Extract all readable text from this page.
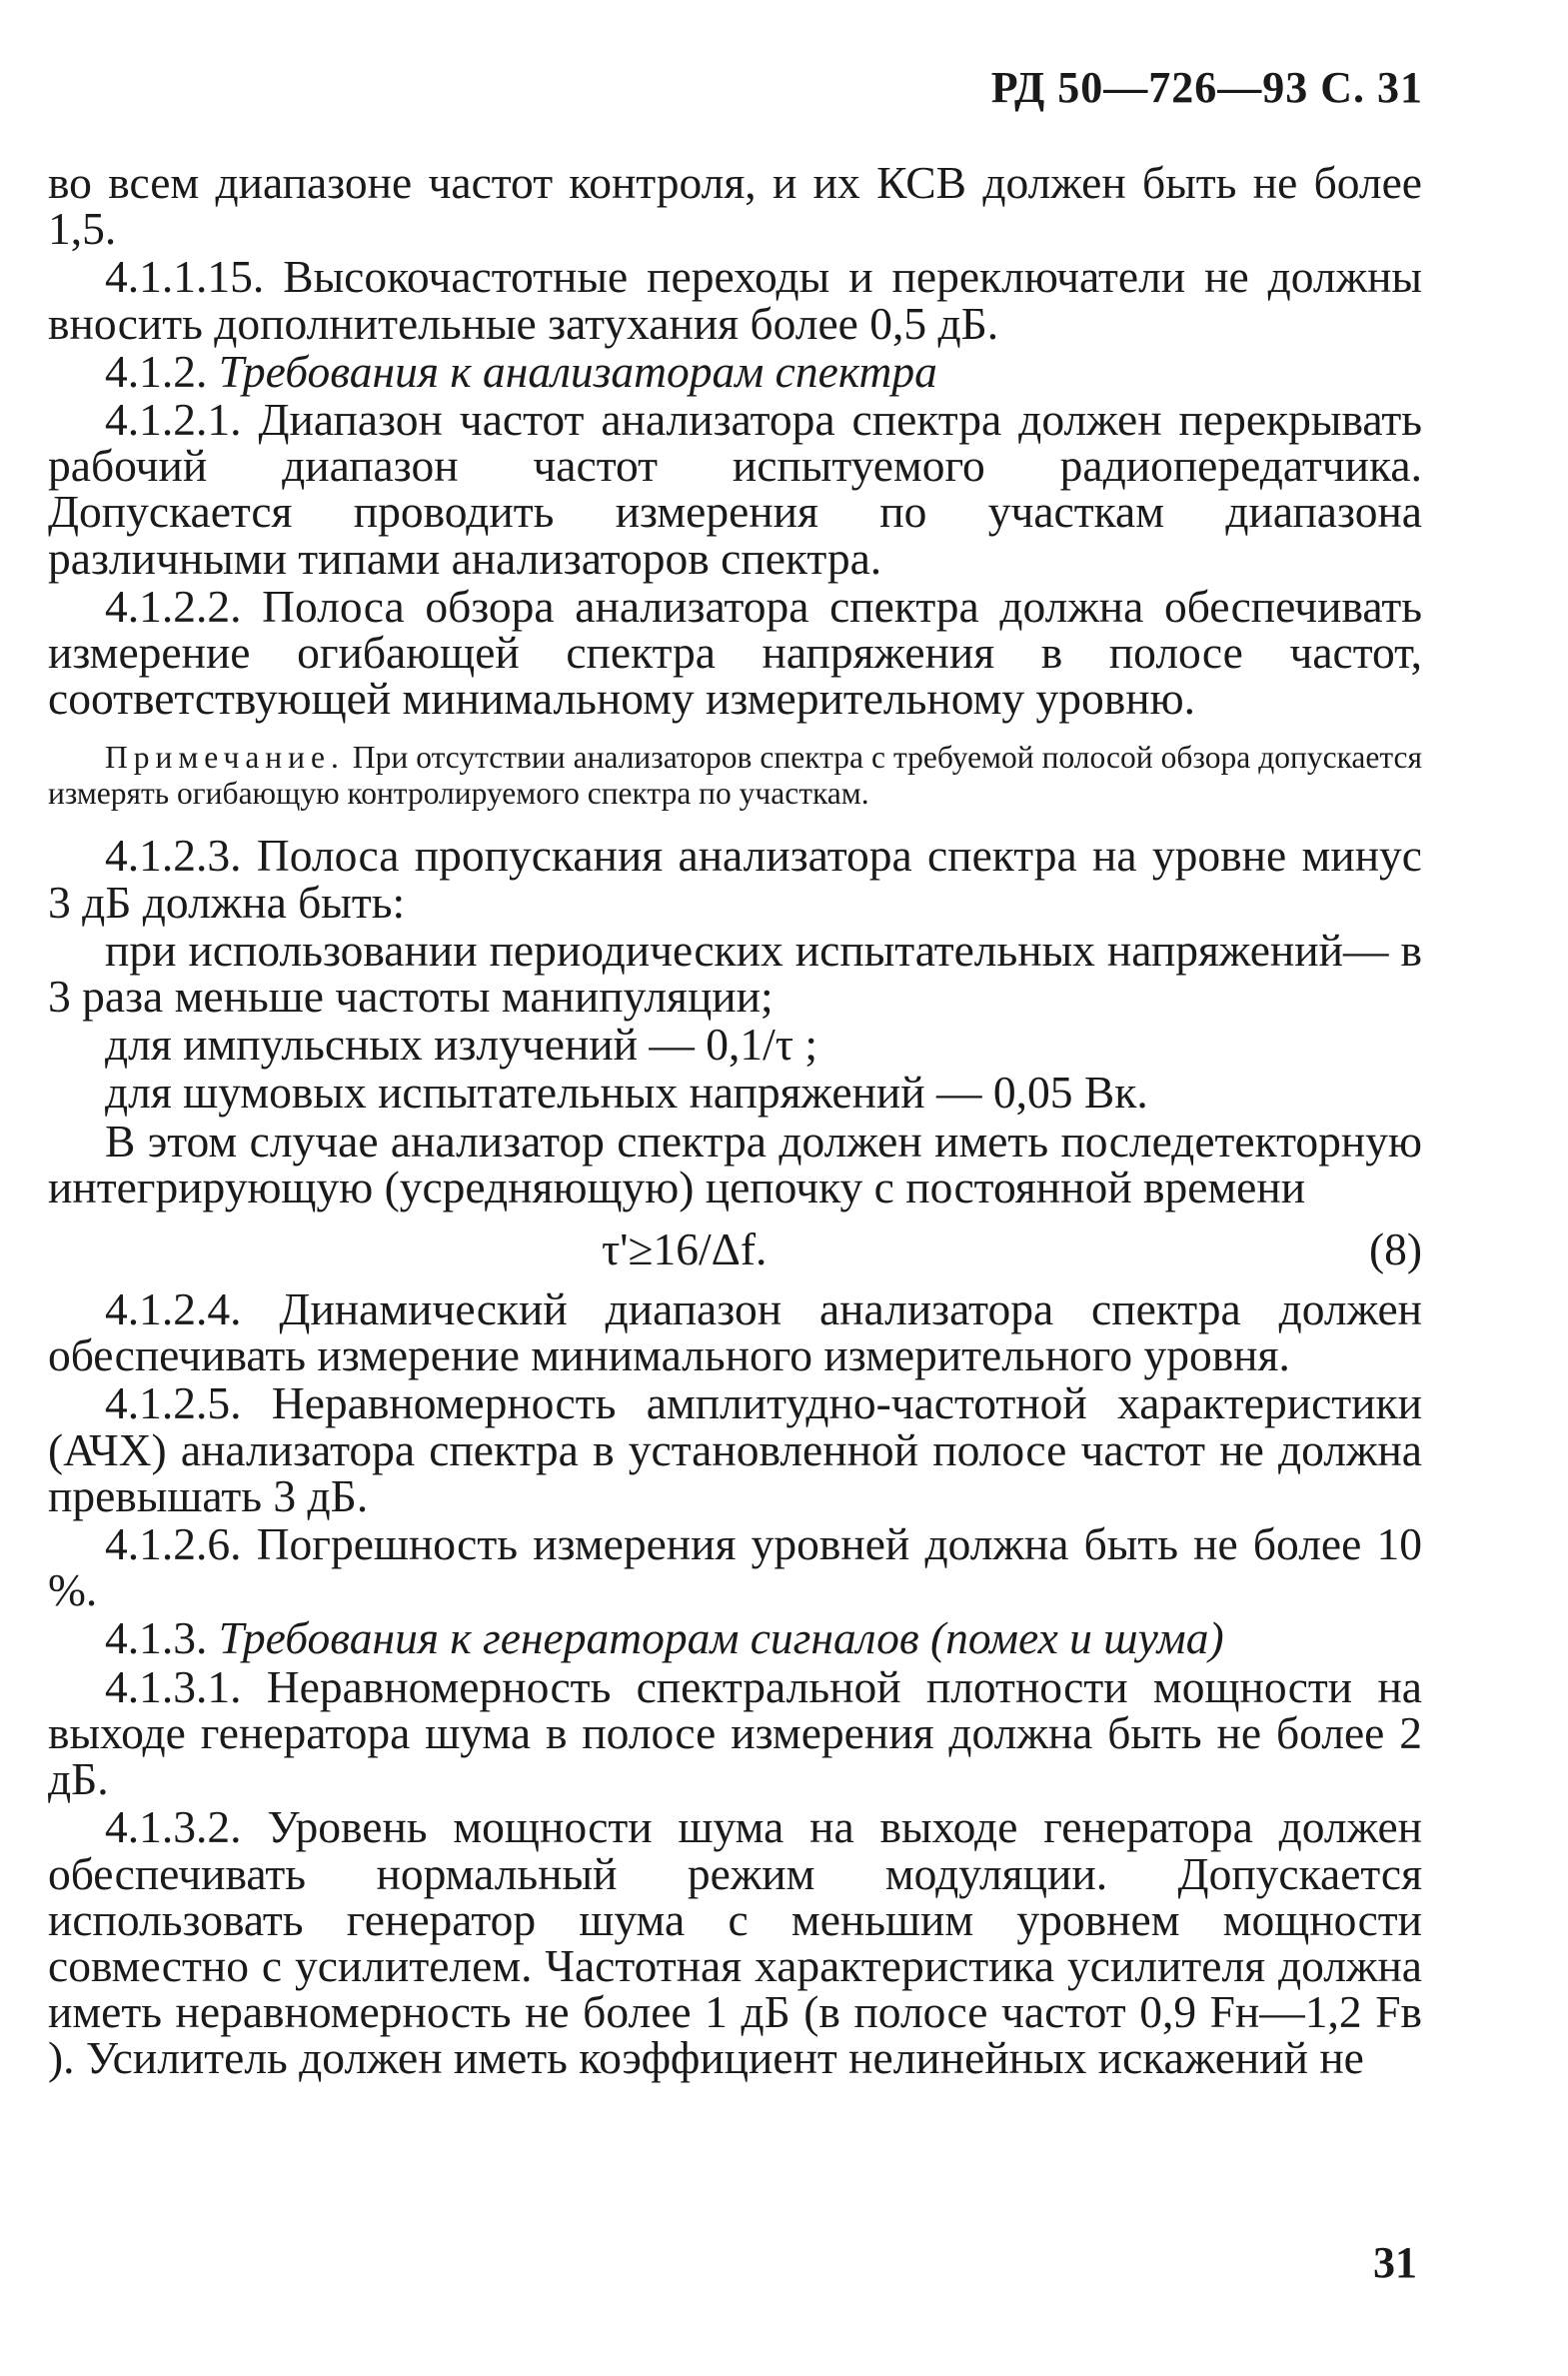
РД 50—726—93 С. 31

во всем диапазоне частот контроля, и их КСВ должен быть не более 1,5.

4.1.1.15. Высокочастотные переходы и переключатели не должны вносить дополнительные затухания более 0,5 дБ.

4.1.2. Требования к анализаторам спектра

4.1.2.1. Диапазон частот анализатора спектра должен перекрывать рабочий диапазон частот испытуемого радиопередатчика. Допускается проводить измерения по участкам диапазона различными типами анализаторов спектра.

4.1.2.2. Полоса обзора анализатора спектра должна обеспечивать измерение огибающей спектра напряжения в полосе частот, соответствующей минимальному измерительному уровню.

Примечание. При отсутствии анализаторов спектра с требуемой полосой обзора допускается измерять огибающую контролируемого спектра по участкам.

4.1.2.3. Полоса пропускания анализатора спектра на уровне минус 3 дБ должна быть:

при использовании периодических испытательных напряжений— в 3 раза меньше частоты манипуляции;

для импульсных излучений — 0,1/τ ;

для шумовых испытательных напряжений — 0,05 Bк.

В этом случае анализатор спектра должен иметь последетекторную интегрирующую (усредняющую) цепочку с постоянной времени

τ'≥16/Δf.	(8)

4.1.2.4. Динамический диапазон анализатора спектра должен обеспечивать измерение минимального измерительного уровня.

4.1.2.5. Неравномерность амплитудно-частотной характеристики (АЧХ) анализатора спектра в установленной полосе частот не должна превышать 3 дБ.

4.1.2.6. Погрешность измерения уровней должна быть не более 10 %.

4.1.3. Требования к генераторам сигналов (помех и шума)

4.1.3.1. Неравномерность спектральной плотности мощности на выходе генератора шума в полосе измерения должна быть не более 2 дБ.

4.1.3.2. Уровень мощности шума на выходе генератора должен обеспечивать нормальный режим модуляции. Допускается использовать генератор шума с меньшим уровнем мощности совместно с усилителем. Частотная характеристика усилителя должна иметь неравномерность не более 1 дБ (в полосе частот 0,9 Fн—1,2 Fв ). Усилитель должен иметь коэффициент нелинейных искажений не

31
